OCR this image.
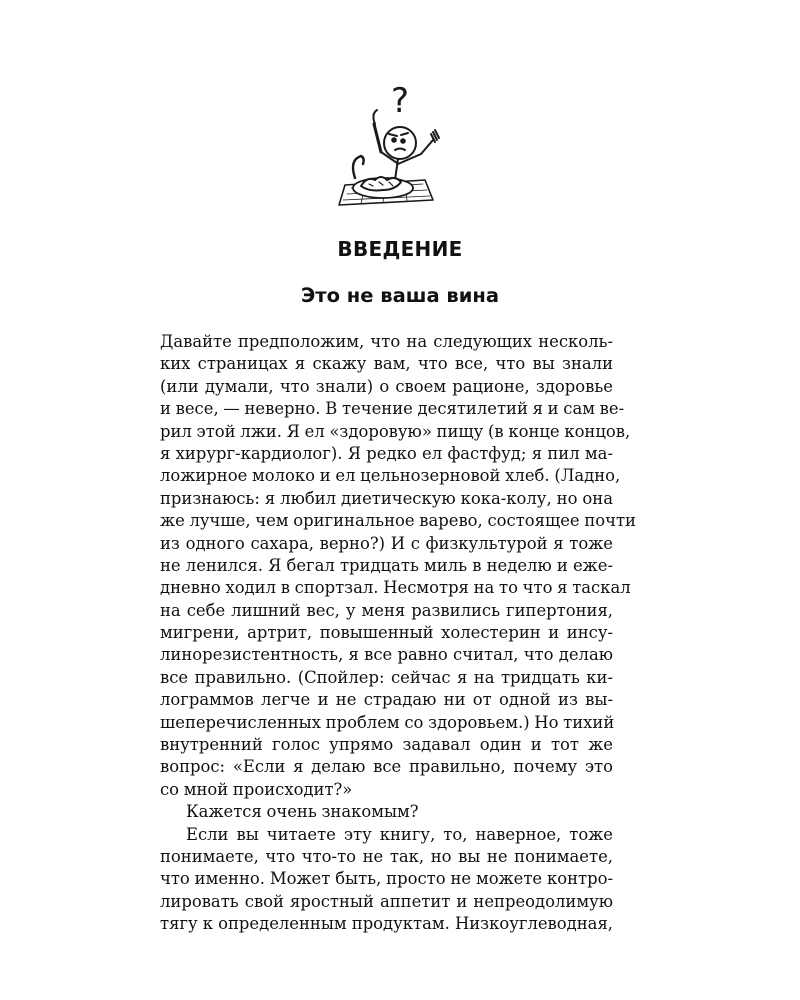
?
ВВЕДЕНИЕ
Это не ваша вина
Давайте предположим, что на следующих несколь-
ких страницах я скажу вам, что все, что вы знали
(или думали, что знали) о своем рационе, здоровье
и весе, — неверно. В течение десятилетий я и сам ве-
рил этой лжи. Я ел «здоровую» пищу (в конце концов,
я хирург-кардиолог). Я редко ел фастфуд; я пил ма-
ложирное молоко и ел цельнозерновой хлеб. (Ладно,
признаюсь: я любил диетическую кока-колу, но она
же лучше, чем оригинальное варево, состоящее почти
из одного сахара, верно?) И с физкультурой я тоже
не ленился. Я бегал тридцать миль в неделю и еже-
дневно ходил в спортзал. Несмотря на то что я таскал
на себе лишний вес, у меня развились гипертония,
мигрени, артрит, повышенный холестерин и инсу-
линорезистентность, я все равно считал, что делаю
все правильно. (Спойлер: сейчас я на тридцать ки-
лограммов легче и не страдаю ни от одной из вы-
шеперечисленных проблем со здоровьем.) Но тихий
внутренний голос упрямо задавал один и тот же
вопрос: «Если я делаю все правильно, почему это
со мной происходит?»
Кажется очень знакомым?
Если вы читаете эту книгу, то, наверное, тоже
понимаете, что что-то не так, но вы не понимаете,
что именно. Может быть, просто не можете контро-
лировать свой яростный аппетит и непреодолимую
тягу к определенным продуктам. Низкоуглеводная,
